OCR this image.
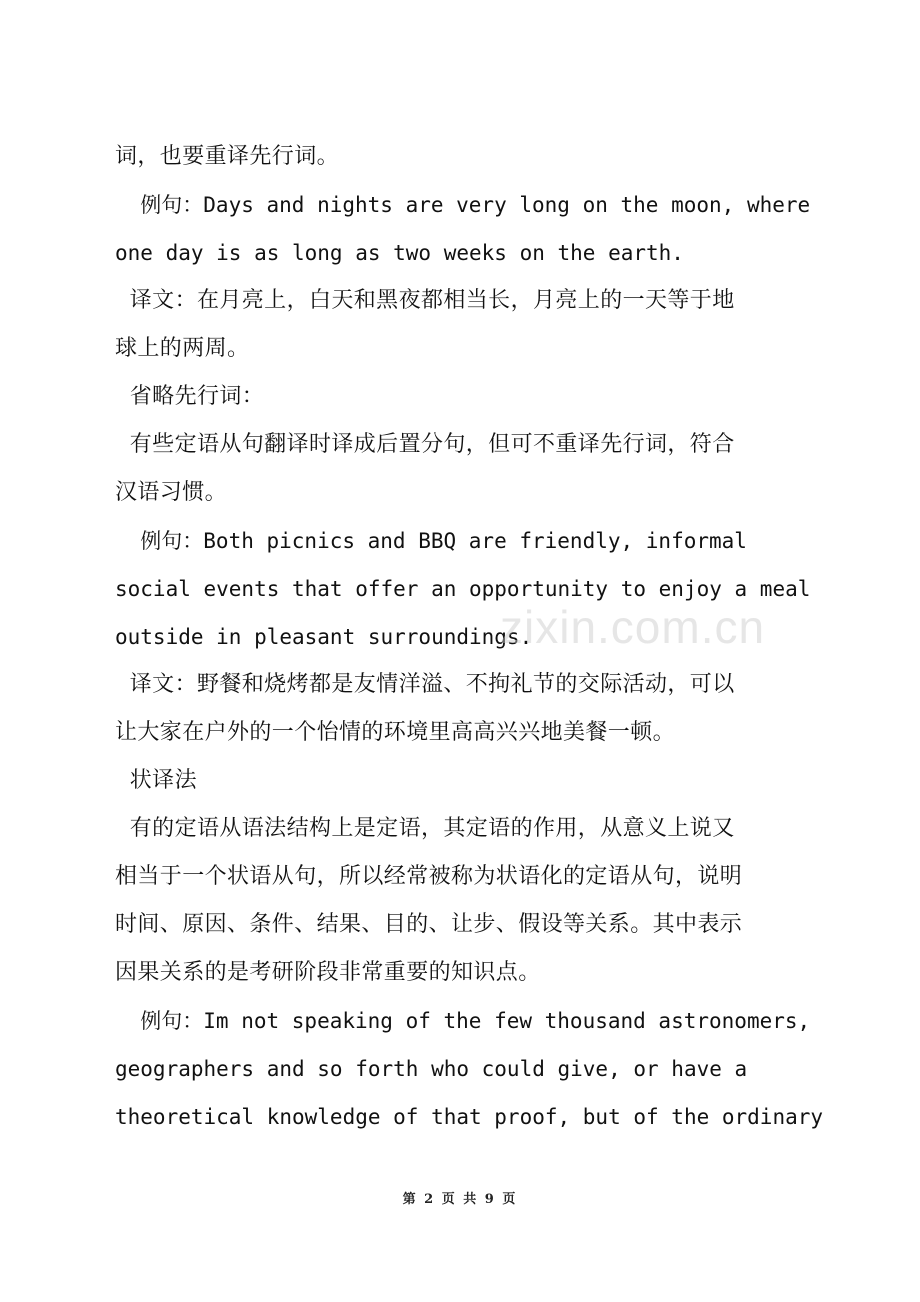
词，也要重译先行词。
例句：Days and nights are very long on the moon, where
one day is as long as two weeks on the earth.
译文：在月亮上，白天和黑夜都相当长，月亮上的一天等于地
球上的两周。
省略先行词：
有些定语从句翻译时译成后置分句，但可不重译先行词，符合
汉语习惯。
例句：Both picnics and BBQ are friendly, informal
social events that offer an opportunity to enjoy a meal
outside in pleasant surroundings.
译文：野餐和烧烤都是友情洋溢、不拘礼节的交际活动，可以
让大家在户外的一个怡情的环境里高高兴兴地美餐一顿。
状译法
有的定语从语法结构上是定语，其定语的作用，从意义上说又
相当于一个状语从句，所以经常被称为状语化的定语从句，说明
时间、原因、条件、结果、目的、让步、假设等关系。其中表示
因果关系的是考研阶段非常重要的知识点。
例句：Im not speaking of the few thousand astronomers,
geographers and so forth who could give, or have a
theoretical knowledge of that proof, but of the ordinary
zixin.com.cn
第 2 页 共 9 页
